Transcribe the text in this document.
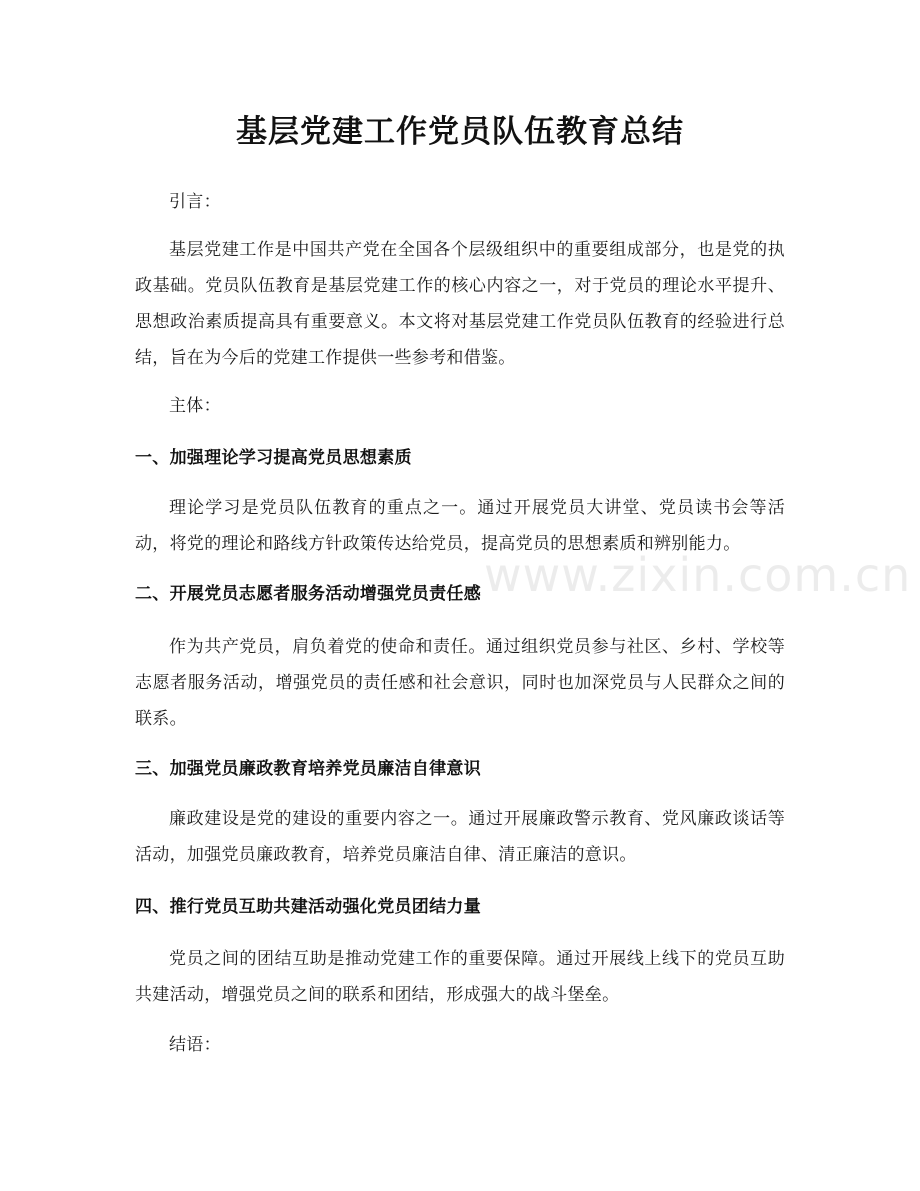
基层党建工作党员队伍教育总结
www.zixin.com.cn

引言：

基层党建工作是中国共产党在全国各个层级组织中的重要组成部分，也是党的执政基础。党员队伍教育是基层党建工作的核心内容之一，对于党员的理论水平提升、思想政治素质提高具有重要意义。本文将对基层党建工作党员队伍教育的经验进行总结，旨在为今后的党建工作提供一些参考和借鉴。

主体：

一、加强理论学习提高党员思想素质

理论学习是党员队伍教育的重点之一。通过开展党员大讲堂、党员读书会等活动，将党的理论和路线方针政策传达给党员，提高党员的思想素质和辨别能力。

二、开展党员志愿者服务活动增强党员责任感

作为共产党员，肩负着党的使命和责任。通过组织党员参与社区、乡村、学校等志愿者服务活动，增强党员的责任感和社会意识，同时也加深党员与人民群众之间的联系。

三、加强党员廉政教育培养党员廉洁自律意识

廉政建设是党的建设的重要内容之一。通过开展廉政警示教育、党风廉政谈话等活动，加强党员廉政教育，培养党员廉洁自律、清正廉洁的意识。

四、推行党员互助共建活动强化党员团结力量

党员之间的团结互助是推动党建工作的重要保障。通过开展线上线下的党员互助共建活动，增强党员之间的联系和团结，形成强大的战斗堡垒。

结语：
